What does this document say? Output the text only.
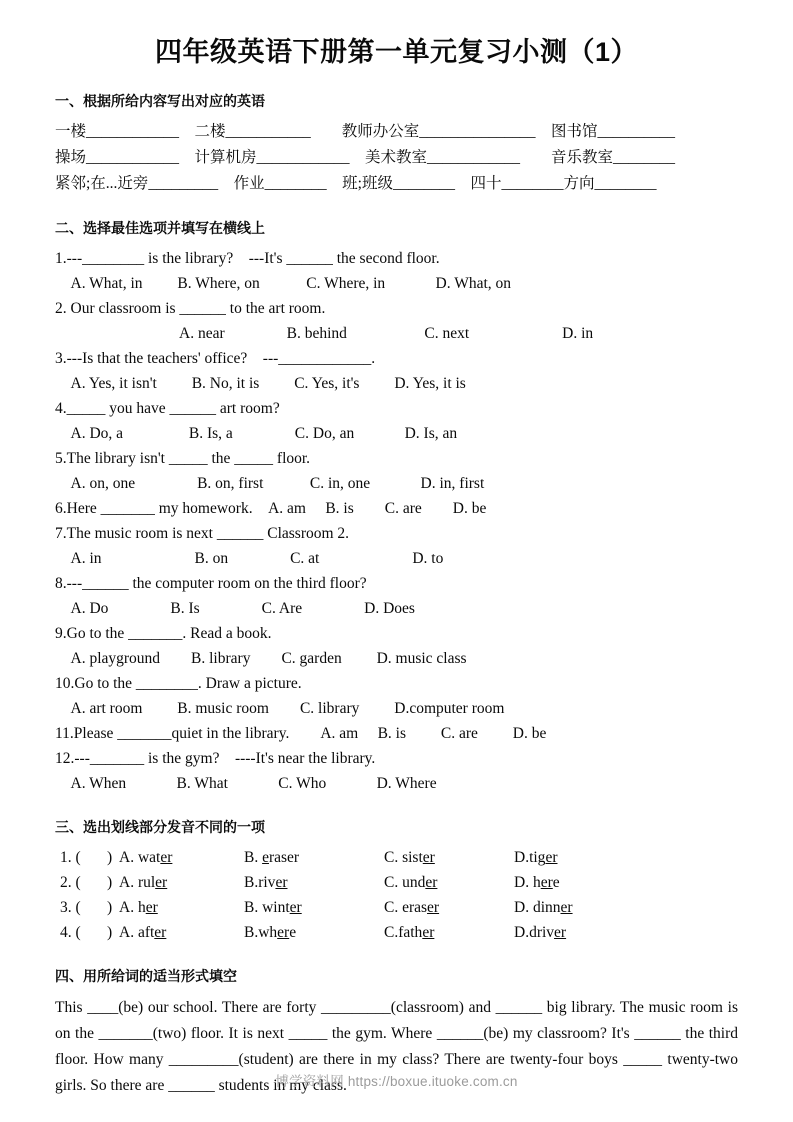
四年级英语下册第一单元复习小测（1）
一、根据所给内容写出对应的英语
一楼____________　二楼___________　　教师办公室_______________　图书馆__________
操场____________　计算机房____________　美术教室____________　　音乐教室________
紧邻;在...近旁_________　作业________　班;班级________　四十________方向________
二、选择最佳选项并填写在横线上
1.---________ is the library?　---It's ______ the second floor.
　A. What, in　　 B. Where, on　　　C. Where, in　　　 D. What, on
2. Our classroom is ______ to the art room.
　　　　　　　　A. near　　　　B. behind　　　　　C. next　　　　　　D. in
3.---Is that the teachers' office?　---____________.
　A. Yes, it isn't　　 B. No, it is　　 C. Yes, it's　　 D. Yes, it is
4._____ you have ______ art room?
　A. Do, a　　　　 B. Is, a　　　　C. Do, an　　　 D. Is, an
5.The library isn't _____ the _____ floor.
　A. on, one　　　　B. on, first　　　C. in, one　　　 D. in, first
6.Here _______ my homework.　A. am　 B. is　　C. are　　D. be
7.The music room is next ______ Classroom 2.
　A. in　　　　　　B. on　　　　C. at　　　　　　D. to
8.---______ the computer room on the third floor?
　A. Do　　　　B. Is　　　　C. Are　　　　D. Does
9.Go to the _______. Read a book.
　A. playground　　B. library　　C. garden　　 D. music class
10.Go to the ________. Draw a picture.
　A. art room　　 B. music room　　C. library　　 D.computer room
11.Please _______quiet in the library.　　A. am　 B. is　　 C. are　　 D. be
12.---_______ is the gym?　----It's near the library.
　A. When　　　 B. What　　　 C. Who　　　 D. Where
三、选出划线部分发音不同的一项
1. ( ) A. water	B. eraser	C. sister	D.tiger
2. ( ) A. ruler	B.river	C. under	D. here
3. ( ) A. her	B. winter	C. eraser	D. dinner
4. ( ) A. after	B.where	C.father	D.driver
四、用所给词的适当形式填空
This ____(be) our school. There are forty _________(classroom) and ______ big library. The music room is on the _______(two) floor. It is next _____ the gym. Where ______(be) my classroom? It's ______ the third floor. How many _________(student) are there in my class? There are twenty-four boys _____ twenty-two girls. So there are ______ students in my class.
博学资料网 https://boxue.ituoke.com.cn
